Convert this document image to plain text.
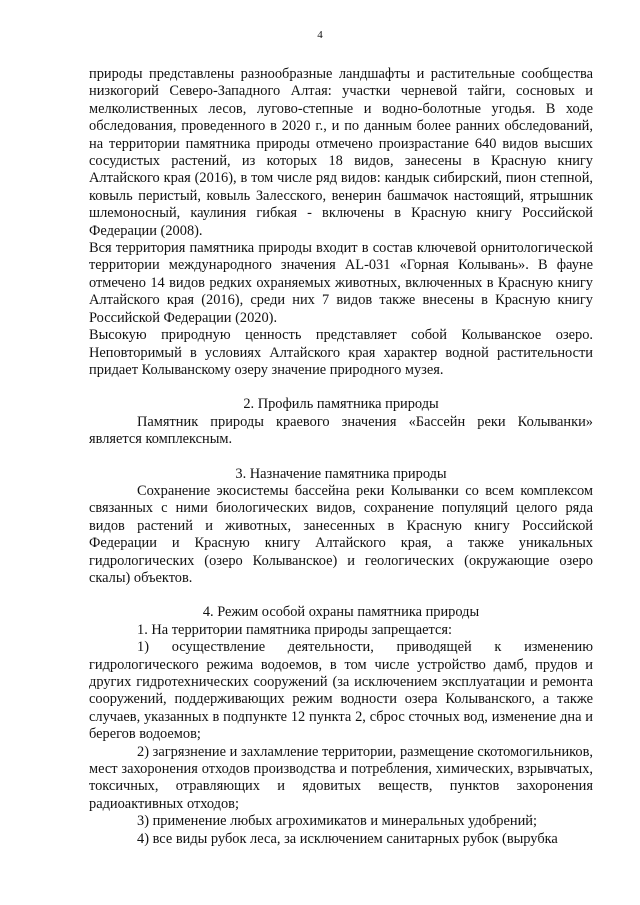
4

природы представлены разнообразные ландшафты и растительные сообщества низкогорий Северо-Западного Алтая: участки черневой тайги, сосновых и мелколиственных лесов, лугово-степные и водно-болотные угодья. В ходе обследования, проведенного в 2020 г., и по данным более ранних обследований, на территории памятника природы отмечено произрастание 640 видов высших сосудистых растений, из которых 18 видов, занесены в Красную книгу Алтайского края (2016), в том числе ряд видов: кандык сибирский, пион степной, ковыль перистый, ковыль Залесского, венерин башмачок настоящий, ятрышник шлемоносный, каулиния гибкая - включены в Красную книгу Российской Федерации (2008).

Вся территория памятника природы входит в состав ключевой орнитологической территории международного значения AL-031 «Горная Колывань». В фауне отмечено 14 видов редких охраняемых животных, включенных в Красную книгу Алтайского края (2016), среди них 7 видов также внесены в Красную книгу Российской Федерации (2020).

Высокую природную ценность представляет собой Колыванское озеро. Неповторимый в условиях Алтайского края характер водной растительности придает Колыванскому озеру значение природного музея.

2. Профиль памятника природы

Памятник природы краевого значения «Бассейн реки Колыванки» является комплексным.

3. Назначение памятника природы

Сохранение экосистемы бассейна реки Колыванки со всем комплексом связанных с ними биологических видов, сохранение популяций целого ряда видов растений и животных, занесенных в Красную книгу Российской Федерации и Красную книгу Алтайского края, а также уникальных гидрологических (озеро Колыванское) и геологических (окружающие озеро скалы) объектов.

4. Режим особой охраны памятника природы

1. На территории памятника природы запрещается:

1) осуществление деятельности, приводящей к изменению гидрологического режима водоемов, в том числе устройство дамб, прудов и других гидротехнических сооружений (за исключением эксплуатации и ремонта сооружений, поддерживающих режим водности озера Колыванского, а также случаев, указанных в подпункте 12 пункта 2, сброс сточных вод, изменение дна и берегов водоемов;

2) загрязнение и захламление территории, размещение скотомогильников, мест захоронения отходов производства и потребления, химических, взрывчатых, токсичных, отравляющих и ядовитых веществ, пунктов захоронения радиоактивных отходов;

3) применение любых агрохимикатов и минеральных удобрений;

4) все виды рубок леса, за исключением санитарных рубок (вырубка
